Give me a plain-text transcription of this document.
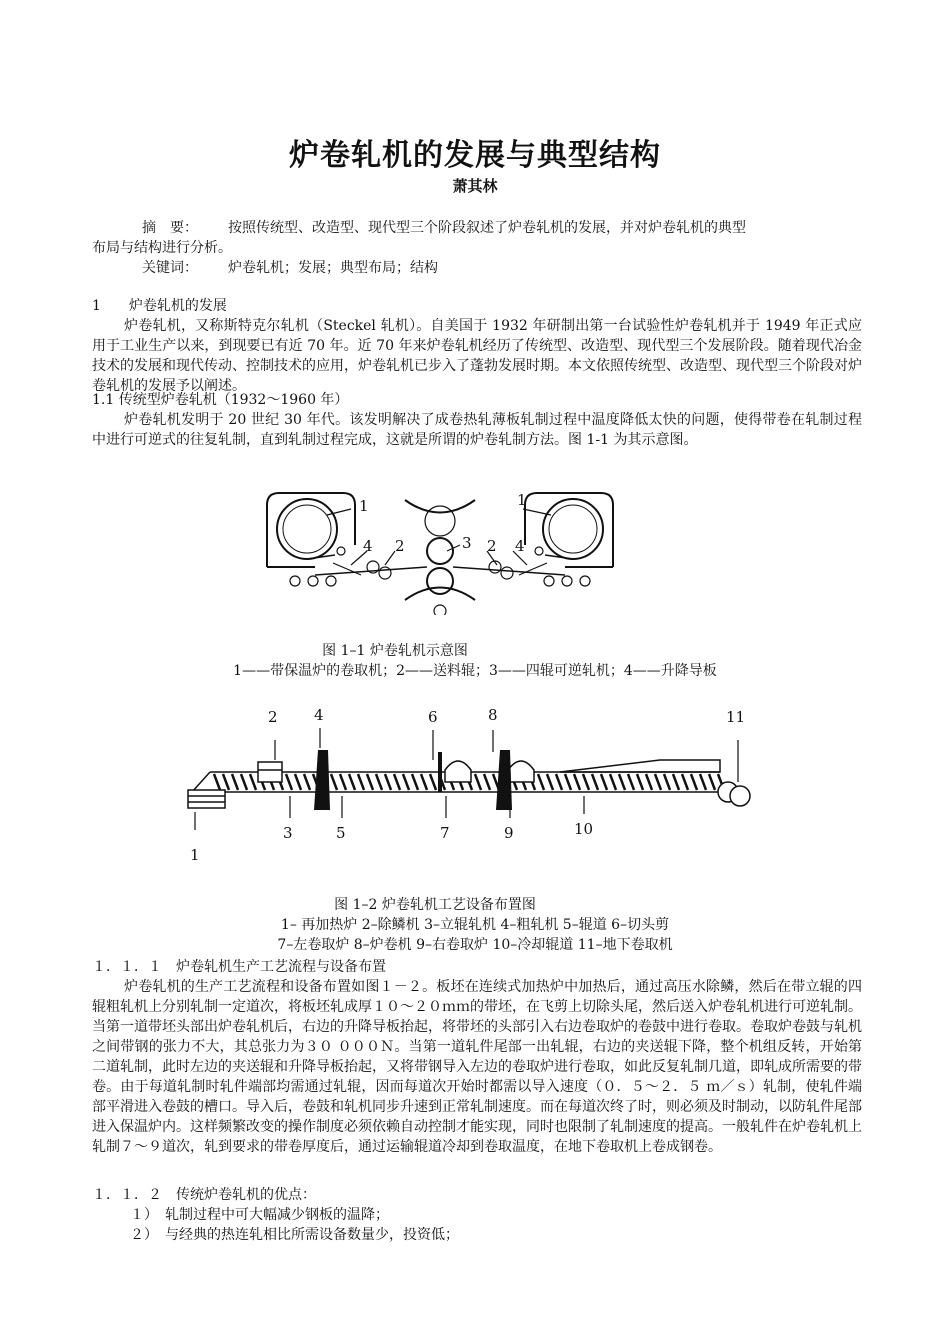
炉卷轧机的发展与典型结构
萧其林
摘　要： 按照传统型、改造型、现代型三个阶段叙述了炉卷轧机的发展，并对炉卷轧机的典型
布局与结构进行分析。
关键词： 炉卷轧机；发展；典型布局；结构
1　　炉卷轧机的发展
炉卷轧机，又称斯特克尔轧机（Steckel 轧机）。自美国于 1932 年研制出第一台试验性炉卷轧机并于 1949 年正式应用于工业生产以来，到现要已有近 70 年。近 70 年来炉卷轧机经历了传统型、改造型、现代型三个发展阶段。随着现代冶金技术的发展和现代传动、控制技术的应用，炉卷轧机已步入了蓬勃发展时期。本文依照传统型、改造型、现代型三个阶段对炉卷轧机的发展予以阐述。
1.1 传统型炉卷轧机（1932～1960 年）
炉卷轧机发明于 20 世纪 30 年代。该发明解决了成卷热轧薄板轧制过程中温度降低太快的问题，使得带卷在轧制过程中进行可逆式的往复轧制，直到轧制过程完成，这就是所谓的炉卷轧制方法。图 1-1 为其示意图。
1
4 2	3 2 4
1
图 1–1 炉卷轧机示意图
1——带保温炉的卷取机；2——送料辊；3——四辊可逆轧机；4——升降导板
2 4	6	8	11
1
3	5	7	9	10
图 1–2 炉卷轧机工艺设备布置图
1– 再加热炉 2–除鳞机 3–立辊轧机 4–粗轧机 5–辊道 6–切头剪
7–左卷取炉 8–炉卷机 9–右卷取炉 10–冷却辊道 11–地下卷取机
１．１．１　炉卷轧机生产工艺流程与设备布置
炉卷轧机的生产工艺流程和设备布置如图１－２。板坯在连续式加热炉中加热后，通过高压水除鳞，然后在带立辊的四辊粗轧机上分别轧制一定道次，将板坯轧成厚１０～２０ｍｍ的带坯，在飞剪上切除头尾，然后送入炉卷轧机进行可逆轧制。当第一道带坯头部出炉卷轧机后，右边的升降导板抬起，将带坯的头部引入右边卷取炉的卷鼓中进行卷取。卷取炉卷鼓与轧机之间带钢的张力不大，其总张力为３０ ０００Ｎ。当第一道轧件尾部一出轧辊，右边的夹送辊下降，整个机组反转，开始第二道轧制，此时左边的夹送辊和升降导板抬起，又将带钢导入左边的卷取炉进行卷取，如此反复轧制几道，即轧成所需要的带卷。由于每道轧制时轧件端部均需通过轧辊，因而每道次开始时都需以导入速度（０．５～２．５ ｍ／ｓ）轧制，使轧件端部平滑进入卷鼓的槽口。导入后，卷鼓和轧机同步升速到正常轧制速度。而在每道次终了时，则必须及时制动，以防轧件尾部进入保温炉内。这样频繁改变的操作制度必须依赖自动控制才能实现，同时也限制了轧制速度的提高。一般轧件在炉卷轧机上轧制７～９道次，轧到要求的带卷厚度后，通过运输辊道冷却到卷取温度，在地下卷取机上卷成钢卷。
１．１．２　传统炉卷轧机的优点：
１）　轧制过程中可大幅减少钢板的温降；
２）　与经典的热连轧相比所需设备数量少，投资低；
